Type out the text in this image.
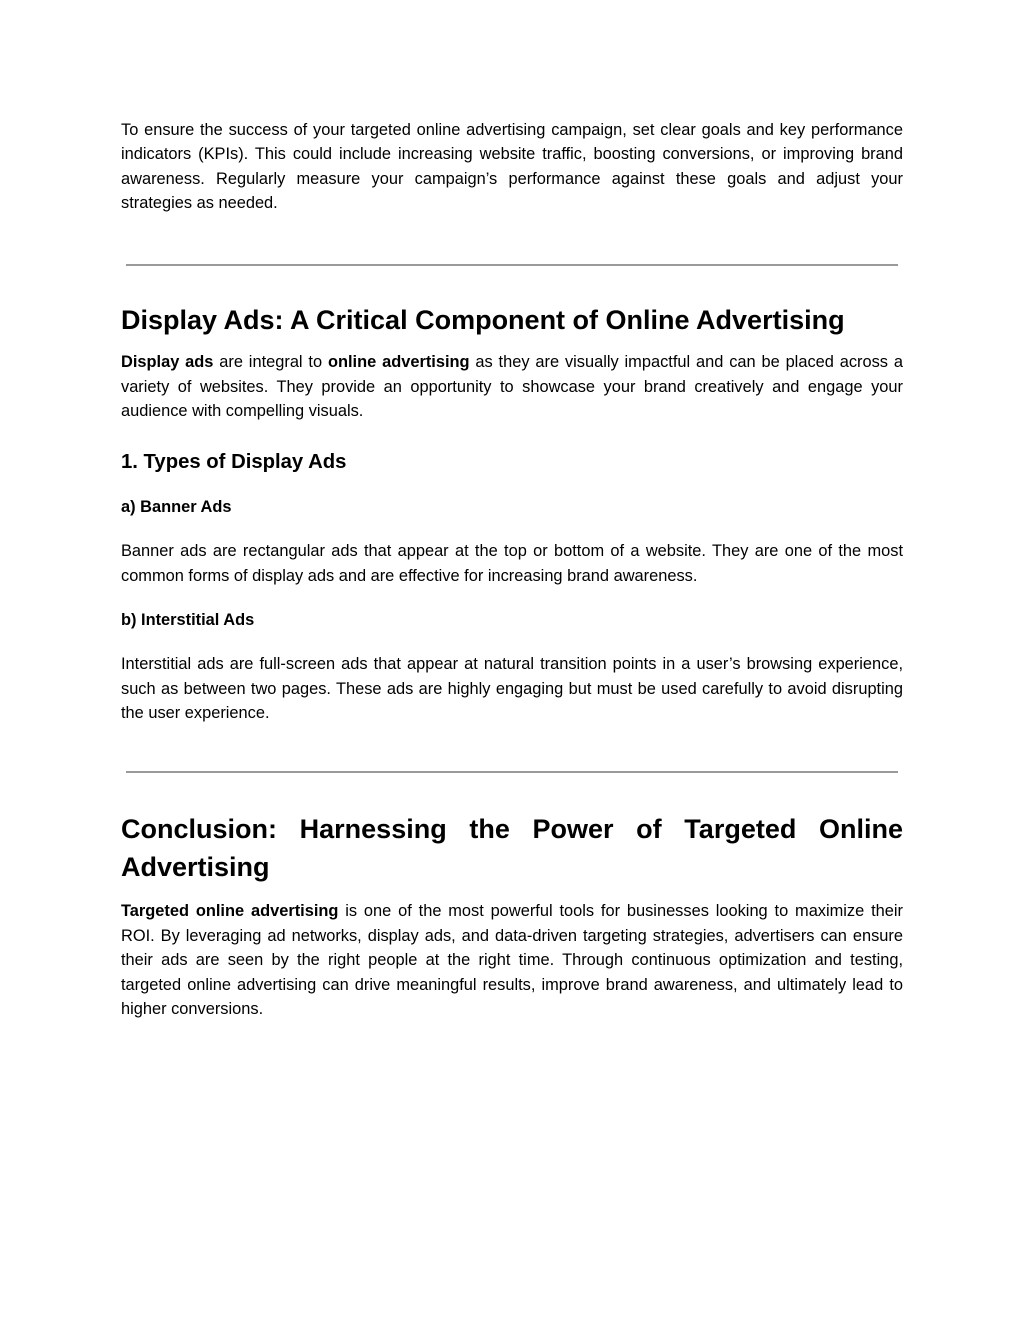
To ensure the success of your targeted online advertising campaign, set clear goals and key performance indicators (KPIs). This could include increasing website traffic, boosting conversions, or improving brand awareness. Regularly measure your campaign’s performance against these goals and adjust your strategies as needed.

Display Ads: A Critical Component of Online Advertising

Display ads are integral to online advertising as they are visually impactful and can be placed across a variety of websites. They provide an opportunity to showcase your brand creatively and engage your audience with compelling visuals.

1. Types of Display Ads
a) Banner Ads

Banner ads are rectangular ads that appear at the top or bottom of a website. They are one of the most common forms of display ads and are effective for increasing brand awareness.

b) Interstitial Ads

Interstitial ads are full-screen ads that appear at natural transition points in a user’s browsing experience, such as between two pages. These ads are highly engaging but must be used carefully to avoid disrupting the user experience.

Conclusion: Harnessing the Power of Targeted Online Advertising

Targeted online advertising is one of the most powerful tools for businesses looking to maximize their ROI. By leveraging ad networks, display ads, and data-driven targeting strategies, advertisers can ensure their ads are seen by the right people at the right time. Through continuous optimization and testing, targeted online advertising can drive meaningful results, improve brand awareness, and ultimately lead to higher conversions.
